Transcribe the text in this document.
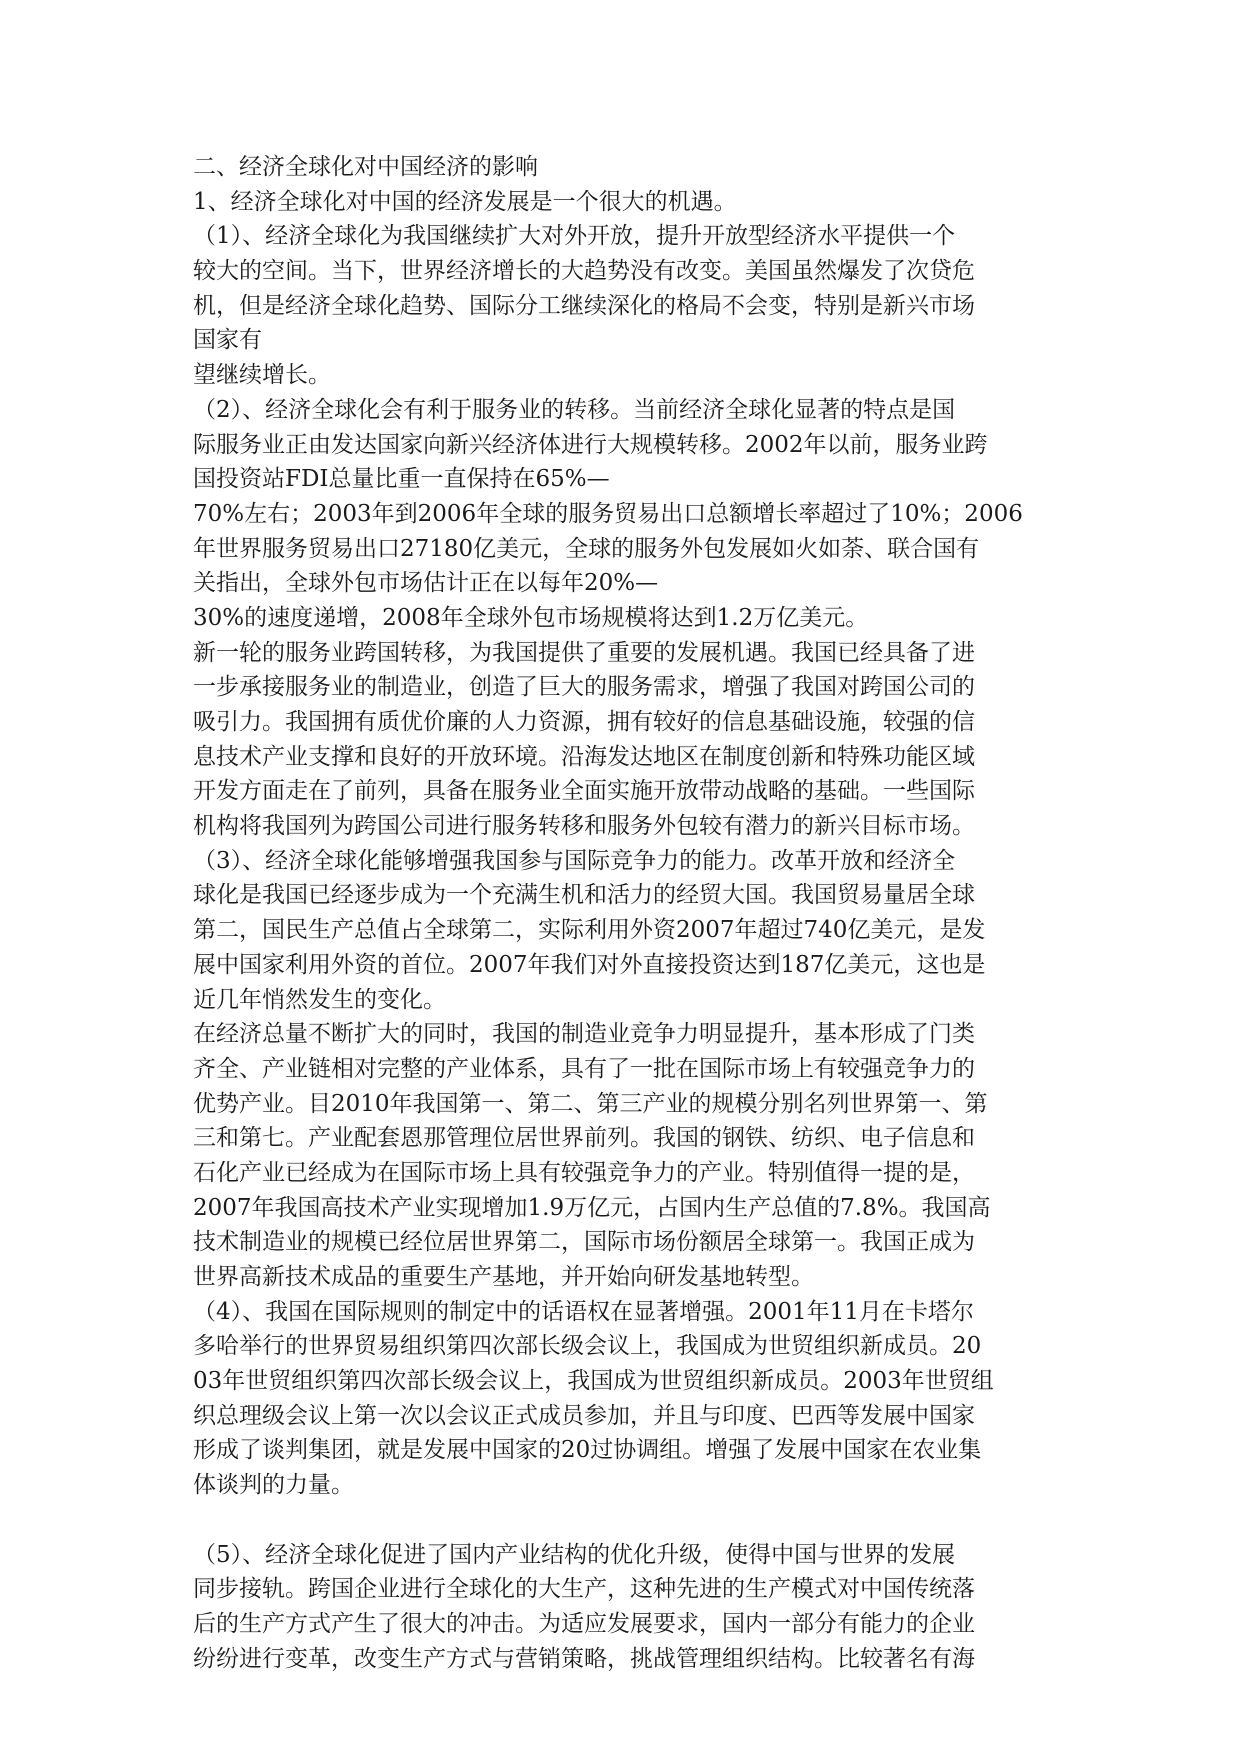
二、经济全球化对中国经济的影响
1、经济全球化对中国的经济发展是一个很大的机遇。
（1）、经济全球化为我国继续扩大对外开放，提升开放型经济水平提供一个
较大的空间。当下，世界经济增长的大趋势没有改变。美国虽然爆发了次贷危
机，但是经济全球化趋势、国际分工继续深化的格局不会变，特别是新兴市场
国家有
望继续增长。
（2）、经济全球化会有利于服务业的转移。当前经济全球化显著的特点是国
际服务业正由发达国家向新兴经济体进行大规模转移。2002年以前，服务业跨
国投资站FDI总量比重一直保持在65%—
70%左右；2003年到2006年全球的服务贸易出口总额增长率超过了10%；2006
年世界服务贸易出口27180亿美元，全球的服务外包发展如火如荼、联合国有
关指出，全球外包市场估计正在以每年20%—
30%的速度递增，2008年全球外包市场规模将达到1.2万亿美元。
新一轮的服务业跨国转移，为我国提供了重要的发展机遇。我国已经具备了进
一步承接服务业的制造业，创造了巨大的服务需求，增强了我国对跨国公司的
吸引力。我国拥有质优价廉的人力资源，拥有较好的信息基础设施，较强的信
息技术产业支撑和良好的开放环境。沿海发达地区在制度创新和特殊功能区域
开发方面走在了前列，具备在服务业全面实施开放带动战略的基础。一些国际
机构将我国列为跨国公司进行服务转移和服务外包较有潜力的新兴目标市场。
（3）、经济全球化能够增强我国参与国际竞争力的能力。改革开放和经济全
球化是我国已经逐步成为一个充满生机和活力的经贸大国。我国贸易量居全球
第二，国民生产总值占全球第二，实际利用外资2007年超过740亿美元，是发
展中国家利用外资的首位。2007年我们对外直接投资达到187亿美元，这也是
近几年悄然发生的变化。
在经济总量不断扩大的同时，我国的制造业竞争力明显提升，基本形成了门类
齐全、产业链相对完整的产业体系，具有了一批在国际市场上有较强竞争力的
优势产业。目2010年我国第一、第二、第三产业的规模分别名列世界第一、第
三和第七。产业配套恩那管理位居世界前列。我国的钢铁、纺织、电子信息和
石化产业已经成为在国际市场上具有较强竞争力的产业。特别值得一提的是，
2007年我国高技术产业实现增加1.9万亿元，占国内生产总值的7.8%。我国高
技术制造业的规模已经位居世界第二，国际市场份额居全球第一。我国正成为
世界高新技术成品的重要生产基地，并开始向研发基地转型。
（4）、我国在国际规则的制定中的话语权在显著增强。2001年11月在卡塔尔
多哈举行的世界贸易组织第四次部长级会议上，我国成为世贸组织新成员。20
03年世贸组织第四次部长级会议上，我国成为世贸组织新成员。2003年世贸组
织总理级会议上第一次以会议正式成员参加，并且与印度、巴西等发展中国家
形成了谈判集团，就是发展中国家的20过协调组。增强了发展中国家在农业集
体谈判的力量。
（5）、经济全球化促进了国内产业结构的优化升级，使得中国与世界的发展
同步接轨。跨国企业进行全球化的大生产，这种先进的生产模式对中国传统落
后的生产方式产生了很大的冲击。为适应发展要求，国内一部分有能力的企业
纷纷进行变革，改变生产方式与营销策略，挑战管理组织结构。比较著名有海
